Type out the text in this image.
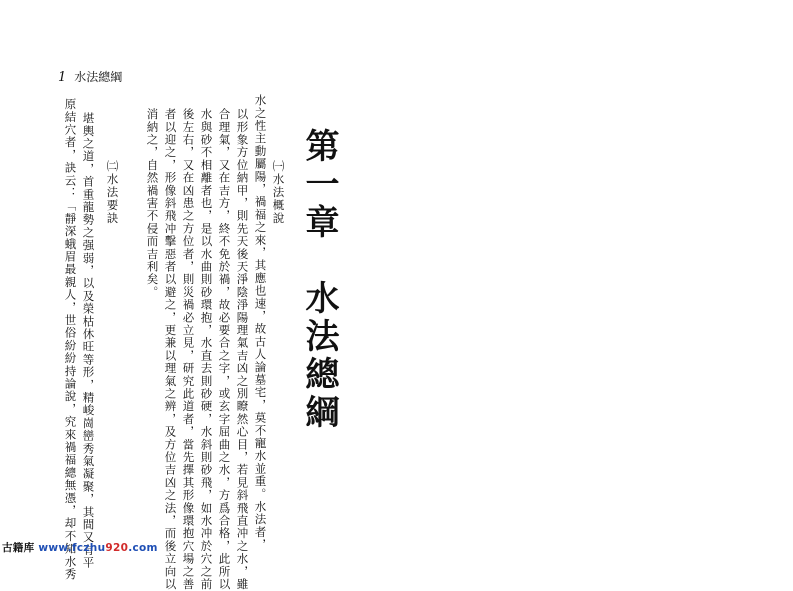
1 水法總綱
第一章　水法總綱
㈠水法概說
水之性主動屬陽，禍福之來，其應也速，故古人論墓宅，莫不寵水並重。水法者，
以形象方位納甲，則先天後天淨陰淨陽理氣吉凶之別瞭然心目，若見斜飛直冲之水，雖
合理氣，又在吉方，終不免於禍，故必要合之字，或玄字屈曲之水，方爲合格，此所以
水與砂不相離者也，是以水曲則砂環抱，水直去則砂硬，水斜則砂飛，如水冲於穴之前
後左右，又在凶患之方位者，則災禍必立見，研究此道者，當先擇其形像環抱穴場之善
者以迎之，形像斜飛冲擊惡者以避之，更兼以理氣之辨，及方位吉凶之法，而後立向以
消納之，自然禍害不侵而吉利矣。
㈡水法要訣
堪輿之道，首重龍勢之强弱，以及榮枯休旺等形，精峻崗巒秀氣凝聚，其間又有平
原結穴者，訣云：「靜深蛾眉最親人，世俗紛紛持論說，究來禍福總無憑，却不知水秀
古籍库 www.fczhu920.com
